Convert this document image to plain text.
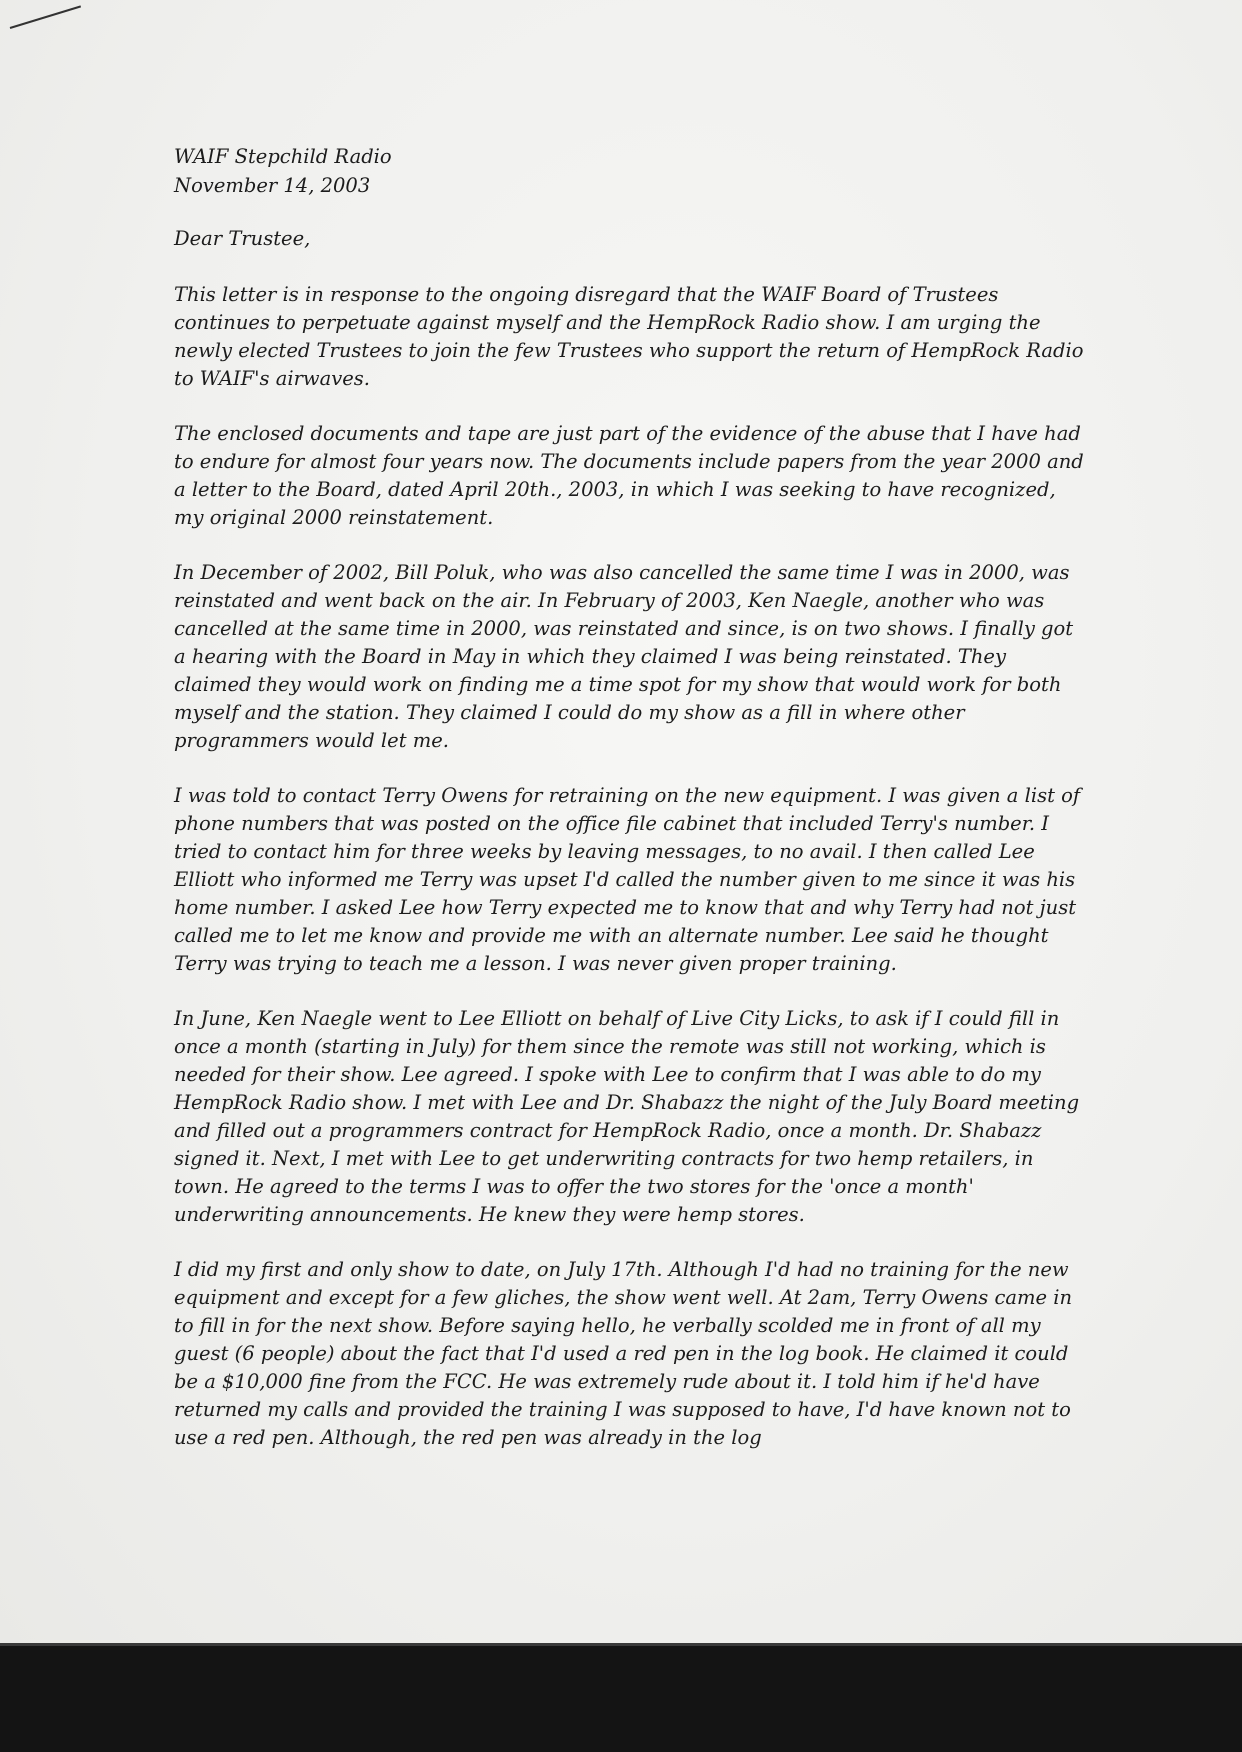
WAIF Stepchild Radio

November 14, 2003

Dear Trustee,

This letter is in response to the ongoing disregard that the WAIF Board of Trustees continues to perpetuate against myself and the HempRock Radio show. I am urging the newly elected Trustees to join the few Trustees who support the return of HempRock Radio to WAIF's airwaves.

The enclosed documents and tape are just part of the evidence of the abuse that I have had to endure for almost four years now. The documents include papers from the year 2000 and a letter to the Board, dated April 20th., 2003, in which I was seeking to have recognized, my original 2000 reinstatement.

In December of 2002, Bill Poluk, who was also cancelled the same time I was in 2000, was reinstated and went back on the air. In February of 2003, Ken Naegle, another who was cancelled at the same time in 2000, was reinstated and since, is on two shows. I finally got a hearing with the Board in May in which they claimed I was being reinstated. They claimed they would work on finding me a time spot for my show that would work for both myself and the station. They claimed I could do my show as a fill in where other programmers would let me.

I was told to contact Terry Owens for retraining on the new equipment. I was given a list of phone numbers that was posted on the office file cabinet that included Terry's number. I tried to contact him for three weeks by leaving messages, to no avail. I then called Lee Elliott who informed me Terry was upset I'd called the number given to me since it was his home number. I asked Lee how Terry expected me to know that and why Terry had not just called me to let me know and provide me with an alternate number. Lee said he thought Terry was trying to teach me a lesson. I was never given proper training.

In June, Ken Naegle went to Lee Elliott on behalf of Live City Licks, to ask if I could fill in once a month (starting in July) for them since the remote was still not working, which is needed for their show. Lee agreed. I spoke with Lee to confirm that I was able to do my HempRock Radio show. I met with Lee and Dr. Shabazz the night of the July Board meeting and filled out a programmers contract for HempRock Radio, once a month. Dr. Shabazz signed it. Next, I met with Lee to get underwriting contracts for two hemp retailers, in town. He agreed to the terms I was to offer the two stores for the 'once a month' underwriting announcements. He knew they were hemp stores.

I did my first and only show to date, on July 17th. Although I'd had no training for the new equipment and except for a few gliches, the show went well. At 2am, Terry Owens came in to fill in for the next show. Before saying hello, he verbally scolded me in front of all my guest (6 people) about the fact that I'd used a red pen in the log book. He claimed it could be a $10,000 fine from the FCC. He was extremely rude about it. I told him if he'd have returned my calls and provided the training I was supposed to have, I'd have known not to use a red pen. Although, the red pen was already in the log
